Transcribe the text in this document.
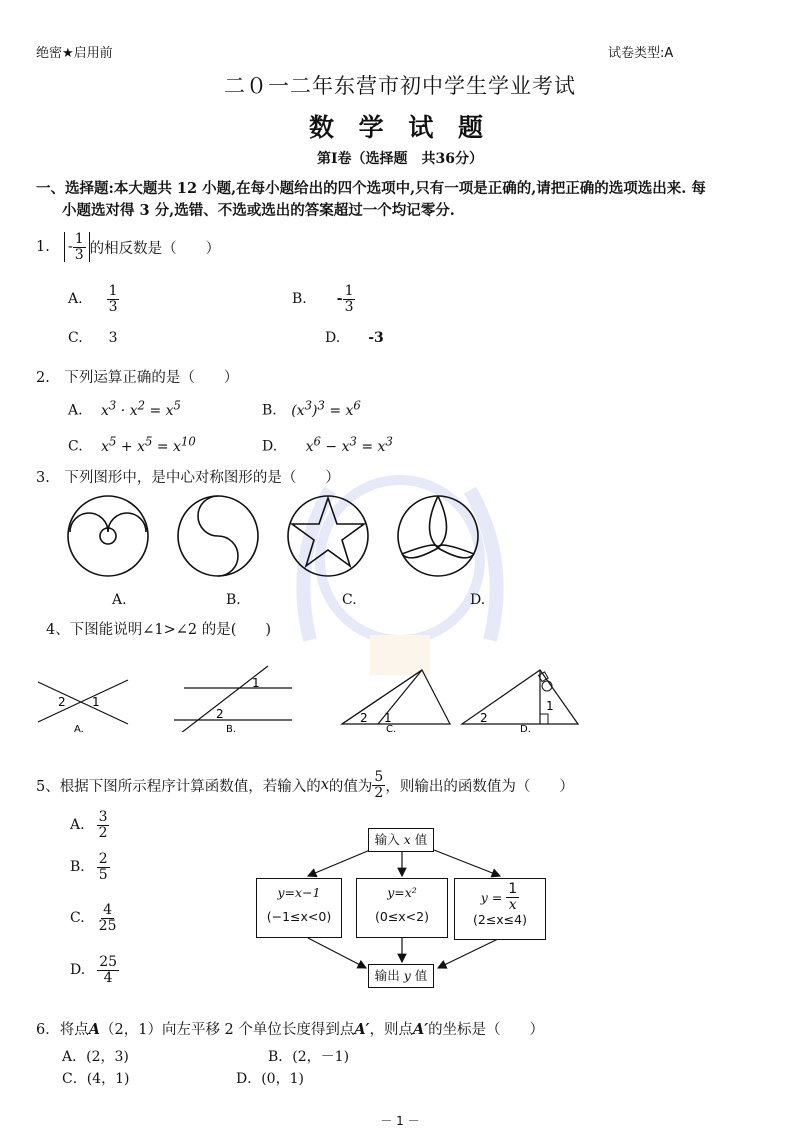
绝密★启用前	试卷类型:A
二０一二年东营市初中学生学业考试
数 学 试 题
第Ⅰ卷（选择题　共36分）
一、选择题:本大题共 12 小题,在每小题给出的四个选项中,只有一项是正确的,请把正确的选项选出来. 每
小题选对得 3 分,选错、不选或选出的答案超过一个均记零分.
1. - $\frac{1}{3}$ 的相反数是（　　）
A. $\frac{1}{3}$	B. - $\frac{1}{3}$
C. 3	D. -3
2.　下列运算正确的是（　　）
A. $x^3 \cdot x^2 = x^5$	B. $(x^3)^3 = x^6$
C. $x^5 + x^5 = x^{10}$	D. $x^6 - x^3 = x^3$
3.　下列图形中，是中心对称图形的是（　　）
A.	B.	C.	D.
4、下图能说明∠1>∠2 的是(　　)
2 1
1
2	2 1	2
1
A.	B.	C.	D.
5、根据下图所示程序计算函数值，若输入的 x 的值为 $\frac{5}{2}$ ，则输出的函数值为（　　）
A. $\frac{3}{2}$
B. $\frac{2}{5}$
C. $\frac{4}{25}$
D. $\frac{25}{4}$
输入 x 值
y=x−1
(−1≤x<0)
y=x²
(0≤x<2)
$y = \frac{1}{x}$
(2≤x≤4)
输出 y 值
6．将点A（2，1）向左平移 2 个单位长度得到点A′，则点A′的坐标是（　　）
A．(2，3)	B．(2，－1)
C．(4，1)	D．(0，1)
－ 1 －
